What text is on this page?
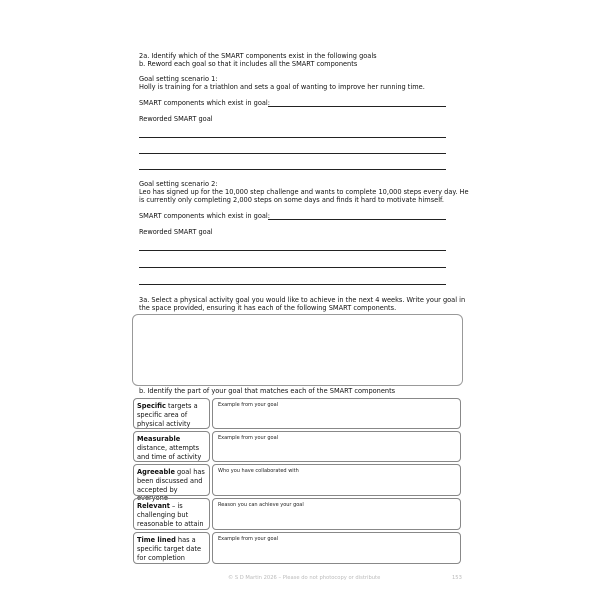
2a. Identify which of the SMART components exist in the following goals
b. Reword each goal so that it includes all the SMART components
Goal setting scenario 1:
Holly is training for a triathlon and sets a goal of wanting to improve her running time.
SMART components which exist in goal:
Reworded SMART goal
Goal setting scenario 2:
Leo has signed up for the 10,000 step challenge and wants to complete 10,000 steps every day. He
is currently only completing 2,000 steps on some days and finds it hard to motivate himself.
SMART components which exist in goal:
Reworded SMART goal
3a. Select a physical activity goal you would like to achieve in the next 4 weeks. Write your goal in
the space provided, ensuring it has each of the following SMART components.
b. Identify the part of your goal that matches each of the SMART components
Specific targets a
specific area of
physical activity
Example from your goal
Measurable
distance, attempts
and time of activity
Example from your goal
Agreeable goal has
been discussed and
accepted by everyone
Who you have collaborated with
Relevant – is
challenging but
reasonable to attain
Reason you can achieve your goal
Time lined has a
specific target date
for completion
Example from your goal
© S D Martin 2026 – Please do not photocopy or distribute	153
